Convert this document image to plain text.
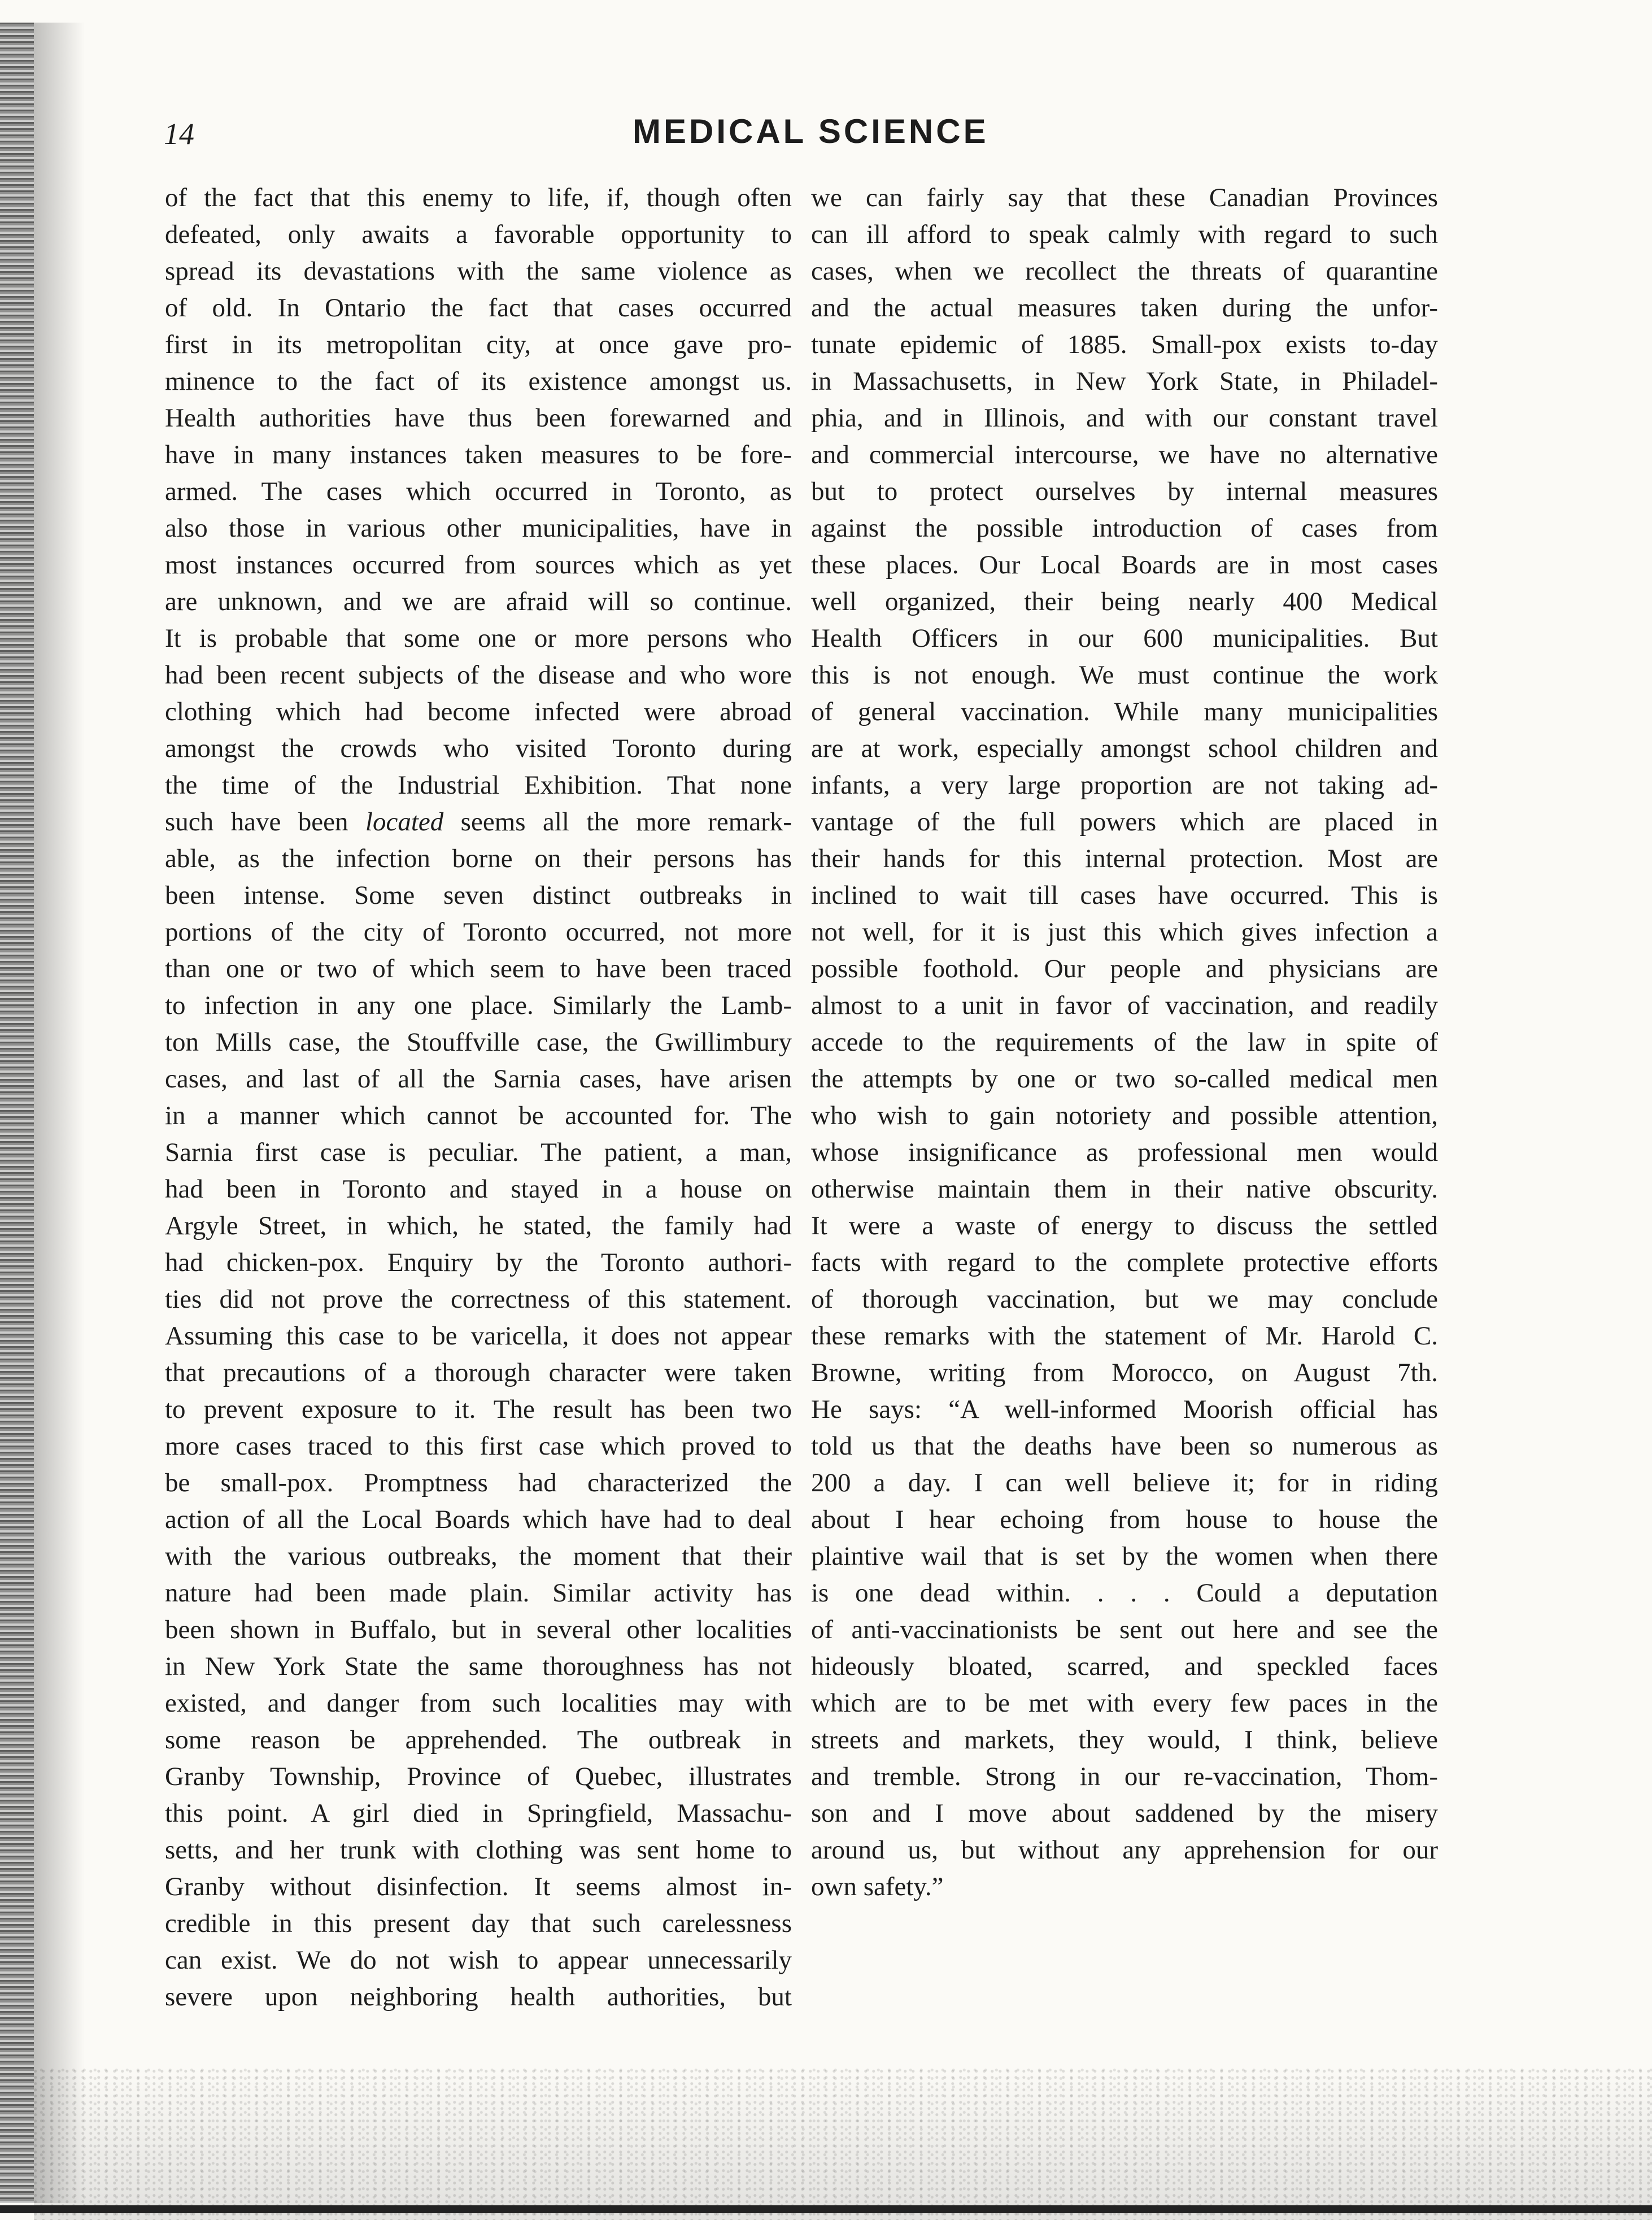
14	MEDICAL SCIENCE
of the fact that this enemy to life, if, though often
defeated, only awaits a favorable opportunity to
spread its devastations with the same violence as
of old. In Ontario the fact that cases occurred
first in its metropolitan city, at once gave pro-
minence to the fact of its existence amongst us.
Health authorities have thus been forewarned and
have in many instances taken measures to be fore-
armed. The cases which occurred in Toronto, as
also those in various other municipalities, have in
most instances occurred from sources which as yet
are unknown, and we are afraid will so continue.
It is probable that some one or more persons who
had been recent subjects of the disease and who wore
clothing which had become infected were abroad
amongst the crowds who visited Toronto during
the time of the Industrial Exhibition. That none
such have been located seems all the more remark-
able, as the infection borne on their persons has
been intense. Some seven distinct outbreaks in
portions of the city of Toronto occurred, not more
than one or two of which seem to have been traced
to infection in any one place. Similarly the Lamb-
ton Mills case, the Stouffville case, the Gwillimbury
cases, and last of all the Sarnia cases, have arisen
in a manner which cannot be accounted for. The
Sarnia first case is peculiar. The patient, a man,
had been in Toronto and stayed in a house on
Argyle Street, in which, he stated, the family had
had chicken-pox. Enquiry by the Toronto authori-
ties did not prove the correctness of this statement.
Assuming this case to be varicella, it does not appear
that precautions of a thorough character were taken
to prevent exposure to it. The result has been two
more cases traced to this first case which proved to
be small-pox. Promptness had characterized the
action of all the Local Boards which have had to deal
with the various outbreaks, the moment that their
nature had been made plain. Similar activity has
been shown in Buffalo, but in several other localities
in New York State the same thoroughness has not
existed, and danger from such localities may with
some reason be apprehended. The outbreak in
Granby Township, Province of Quebec, illustrates
this point. A girl died in Springfield, Massachu-
setts, and her trunk with clothing was sent home to
Granby without disinfection. It seems almost in-
credible in this present day that such carelessness
can exist. We do not wish to appear unnecessarily
severe upon neighboring health authorities, but
we can fairly say that these Canadian Provinces
can ill afford to speak calmly with regard to such
cases, when we recollect the threats of quarantine
and the actual measures taken during the unfor-
tunate epidemic of 1885. Small-pox exists to-day
in Massachusetts, in New York State, in Philadel-
phia, and in Illinois, and with our constant travel
and commercial intercourse, we have no alternative
but to protect ourselves by internal measures
against the possible introduction of cases from
these places. Our Local Boards are in most cases
well organized, their being nearly 400 Medical
Health Officers in our 600 municipalities. But
this is not enough. We must continue the work
of general vaccination. While many municipalities
are at work, especially amongst school children and
infants, a very large proportion are not taking ad-
vantage of the full powers which are placed in
their hands for this internal protection. Most are
inclined to wait till cases have occurred. This is
not well, for it is just this which gives infection a
possible foothold. Our people and physicians are
almost to a unit in favor of vaccination, and readily
accede to the requirements of the law in spite of
the attempts by one or two so-called medical men
who wish to gain notoriety and possible attention,
whose insignificance as professional men would
otherwise maintain them in their native obscurity.
It were a waste of energy to discuss the settled
facts with regard to the complete protective efforts
of thorough vaccination, but we may conclude
these remarks with the statement of Mr. Harold C.
Browne, writing from Morocco, on August 7th.
He says: “A well-informed Moorish official has
told us that the deaths have been so numerous as
200 a day. I can well believe it; for in riding
about I hear echoing from house to house the
plaintive wail that is set by the women when there
is one dead within. . . . Could a deputation
of anti-vaccinationists be sent out here and see the
hideously bloated, scarred, and speckled faces
which are to be met with every few paces in the
streets and markets, they would, I think, believe
and tremble. Strong in our re-vaccination, Thom-
son and I move about saddened by the misery
around us, but without any apprehension for our
own safety.”
